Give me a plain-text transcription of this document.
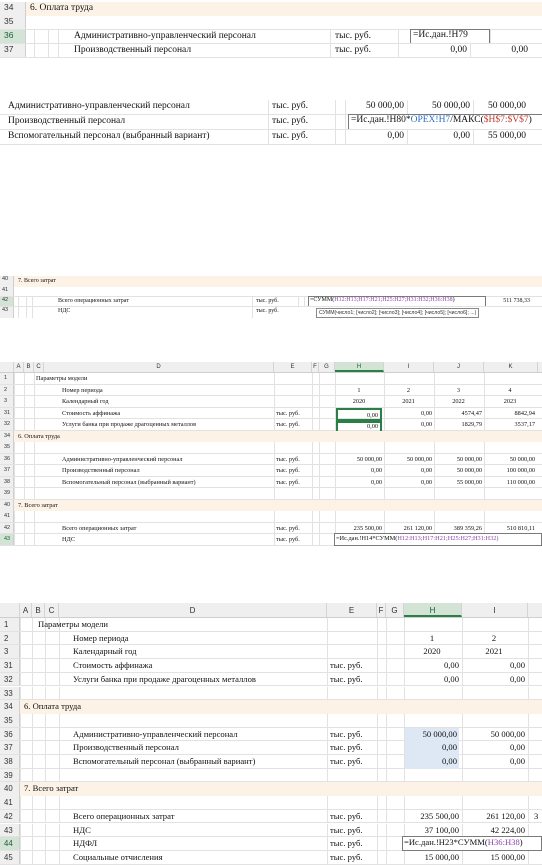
34	6. Оплата труда
35
36	Административно-управленческий персонал	тыс. руб.	=Ис.дан.!H79
37	Производственный персонал	тыс. руб.	0,00	0,00
Административно-управленческий персонал	тыс. руб.	50 000,00	50 000,00	50 000,00
Производственный персонал	тыс. руб.	=Ис.дан.!H80*ОРЕХ!H7/МАКС($H$7:$V$7)
Вспомогательный персонал (выбранный вариант)	тыс. руб.	0,00	0,00	55 000,00
40	7. Всего затрат
41
42	Всего операционных затрат	тыс. руб.	=СУММ(H12:H13;H17:H21;H25:H27;H31:H32;H36:H38)	511 738,33
43	НДС	тыс. руб.	СУММ(число1; [число2]; [число3]; [число4]; [число5]; [число6]; ...)
A B C	D	E	F	G	H	I	J	K
1	Параметры модели
2	Номер периода	1	2	3	4
3	Календарный год	2020	2021	2022	2023
31	Стоимость аффинажа	тыс. руб.	0,00	0,00	4574,47	8842,94
32	Услуги банка при продаже драгоценных металлов	тыс. руб.	0,00	0,00	1829,79	3537,17
34	6. Оплата труда
35
36	Административно-управленческий персонал	тыс. руб.	50 000,00	50 000,00	50 000,00	50 000,00
37	Производственный персонал	тыс. руб.	0,00	0,00	50 000,00	100 000,00
38	Вспомогательный персонал (выбранный вариант)	тыс. руб.	0,00	0,00	55 000,00	110 000,00
39
40	7. Всего затрат
41
42	Всего операционных затрат	тыс. руб.	235 500,00	261 120,00	389 359,26	510 810,11
43	НДС	тыс. руб.	=Ис.дан.!Н14*СУММ(H12:H13;H17:H21;H25:H27;H31:H32)
A B C	D	E	F G	H	I
1	Параметры модели
2	Номер периода	1	2
3	Календарный год	2020	2021
31	Стоимость аффинажа	тыс. руб.	0,00	0,00
32	Услуги банка при продаже драгоценных металлов	тыс. руб.	0,00	0,00
33
34	6. Оплата труда
35
36	Административно-управленческий персонал	тыс. руб.	50 000,00	50 000,00
37	Производственный персонал	тыс. руб.	0,00	0,00
38	Вспомогательный персонал (выбранный вариант)	тыс. руб.	0,00	0,00
39
40	7. Всего затрат
41
42	Всего операционных затрат	тыс. руб.	235 500,00	261 120,00 3
43	НДС	тыс. руб.	37 100,00	42 224,00
44	НДФЛ	тыс. руб.	=Ис.дан.!Н23*СУММ(H36:H38)
45	Социальные отчисления	тыс. руб.	15 000,00	15 000,00
